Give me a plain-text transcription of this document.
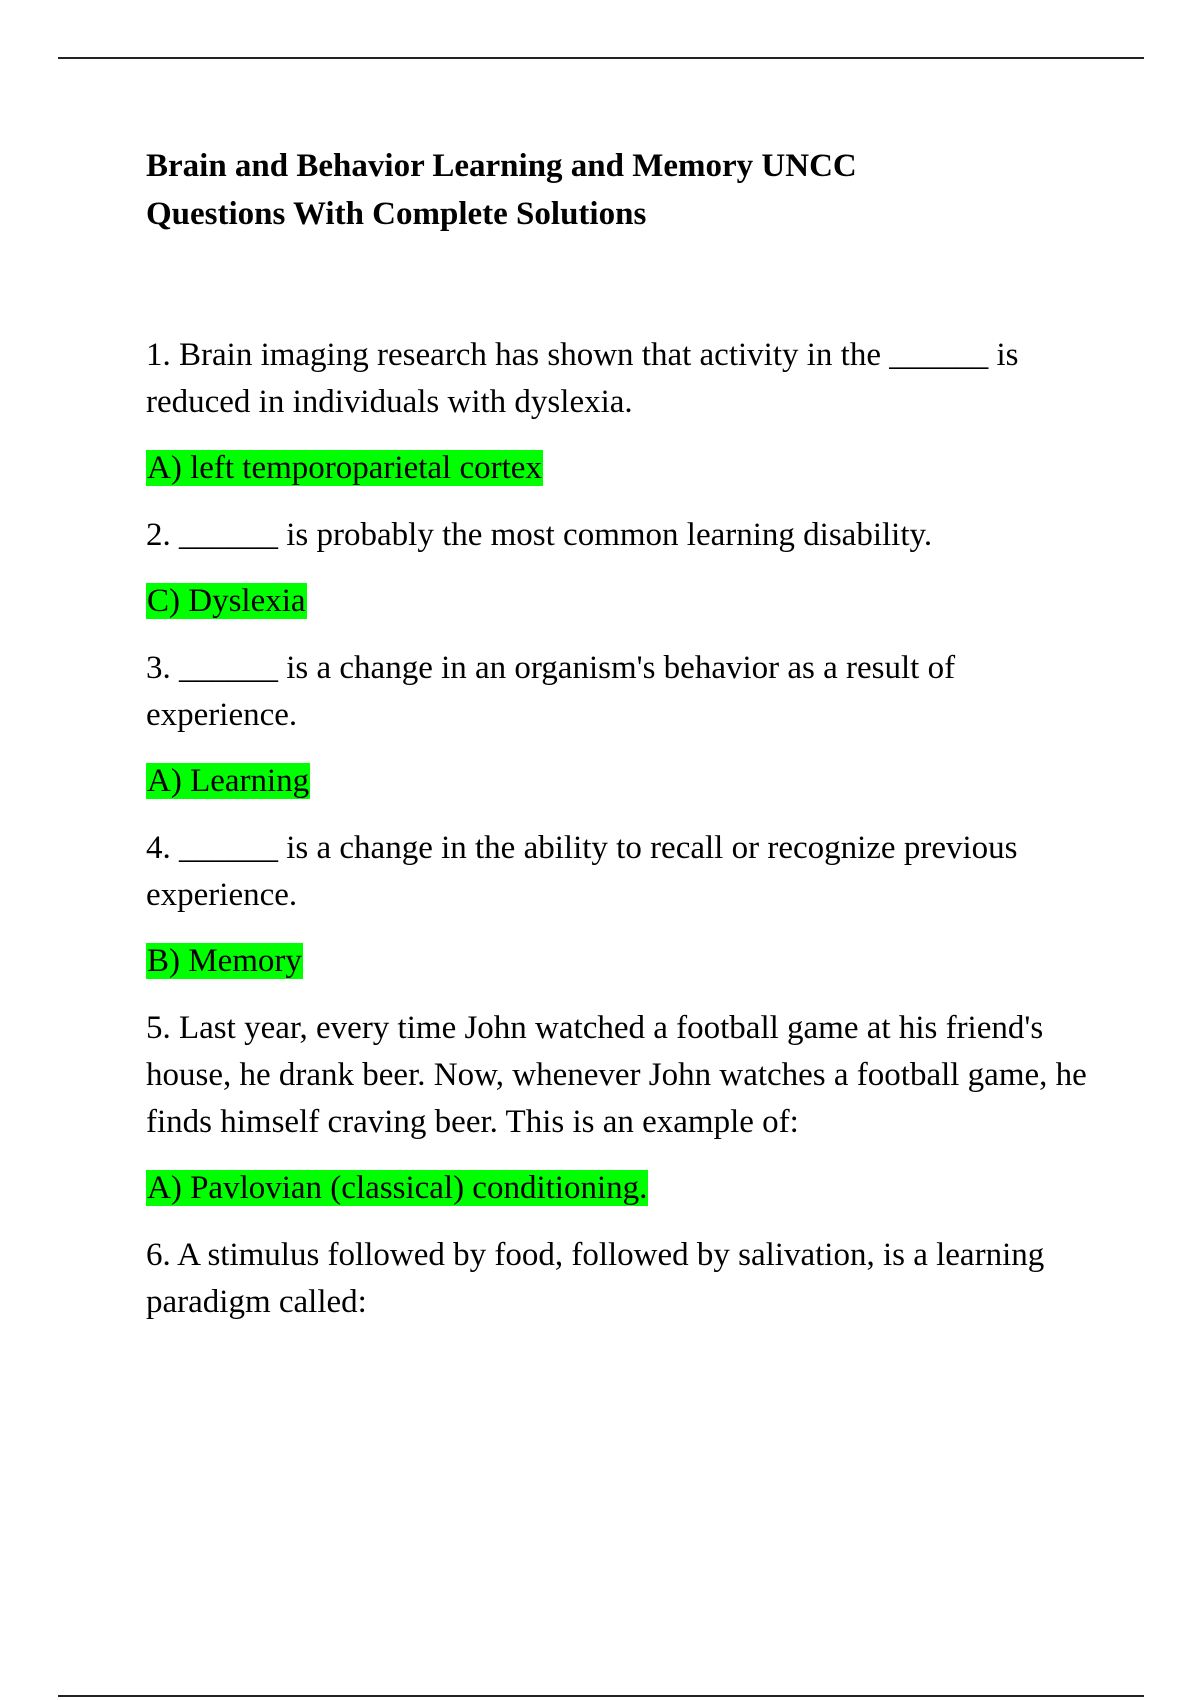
Brain and Behavior Learning and Memory UNCC Questions With Complete Solutions

1. Brain imaging research has shown that activity in the ______ is reduced in individuals with dyslexia.

A) left temporoparietal cortex

2. ______ is probably the most common learning disability.

C) Dyslexia

3. ______ is a change in an organism's behavior as a result of experience.

A) Learning

4. ______ is a change in the ability to recall or recognize previous experience.

B) Memory

5. Last year, every time John watched a football game at his friend's house, he drank beer. Now, whenever John watches a football game, he finds himself craving beer. This is an example of:

A) Pavlovian (classical) conditioning.

6. A stimulus followed by food, followed by salivation, is a learning paradigm called:
